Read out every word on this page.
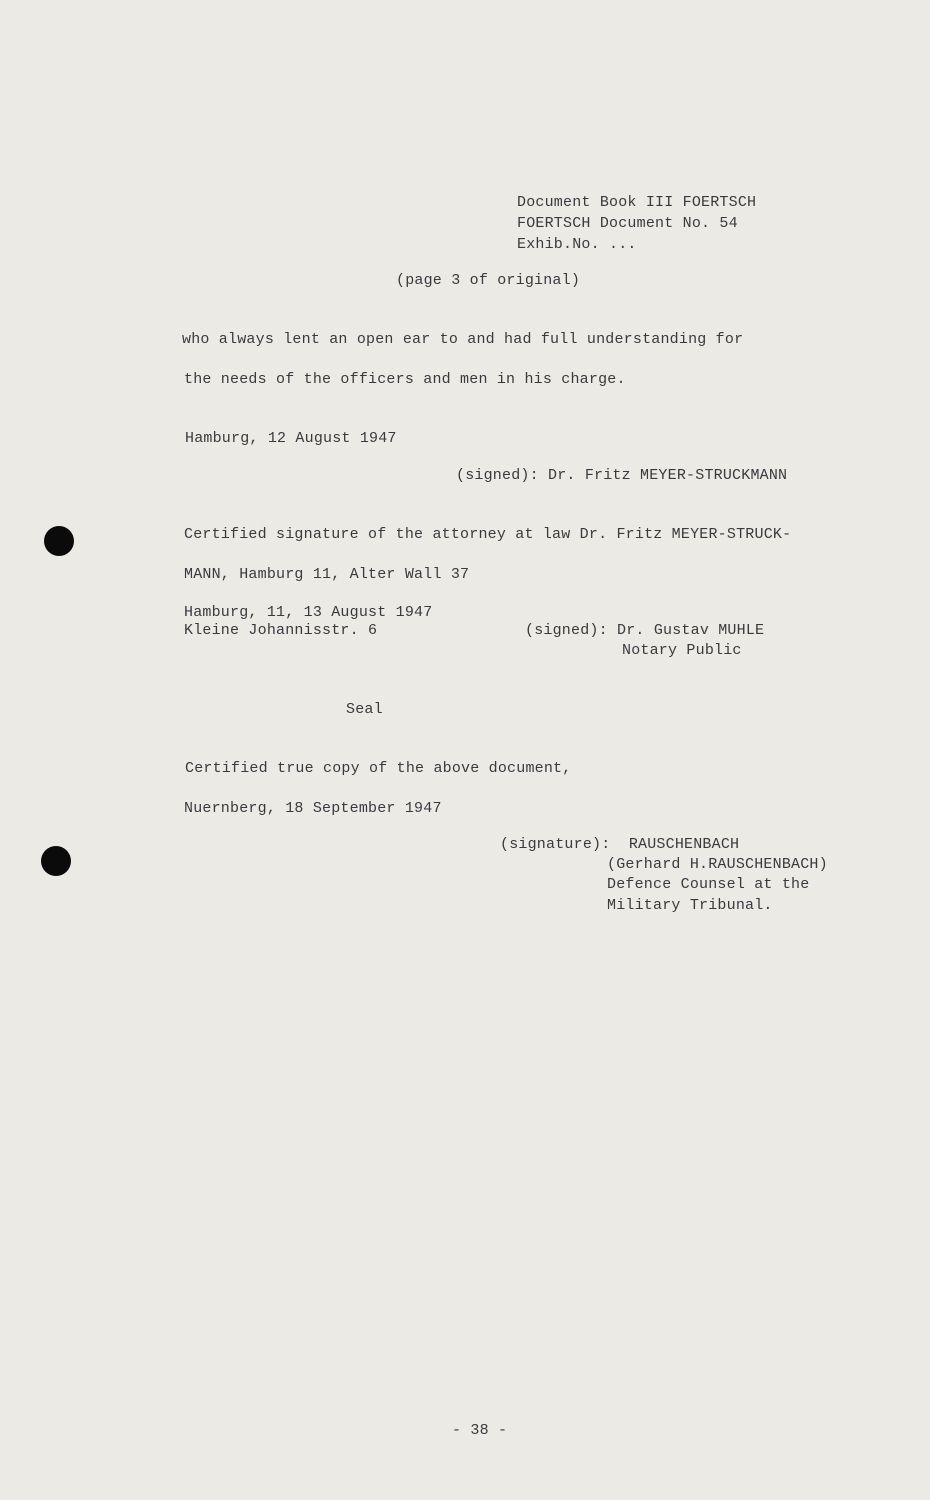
Document Book III FOERTSCH
FOERTSCH Document No. 54
Exhib.No. ...
(page 3 of original)
who always lent an open ear to and had full understanding for
the needs of the officers and men in his charge.
Hamburg, 12 August 1947
(signed): Dr. Fritz MEYER-STRUCKMANN
Certified signature of the attorney at law Dr. Fritz MEYER-STRUCK-
MANN, Hamburg 11, Alter Wall 37
Hamburg, 11, 13 August 1947
Kleine Johannisstr. 6	(signed): Dr. Gustav MUHLE
Notary Public
Seal
Certified true copy of the above document,
Nuernberg, 18 September 1947
(signature):  RAUSCHENBACH
(Gerhard H.RAUSCHENBACH)
Defence Counsel at the
Military Tribunal.
- 38 -
